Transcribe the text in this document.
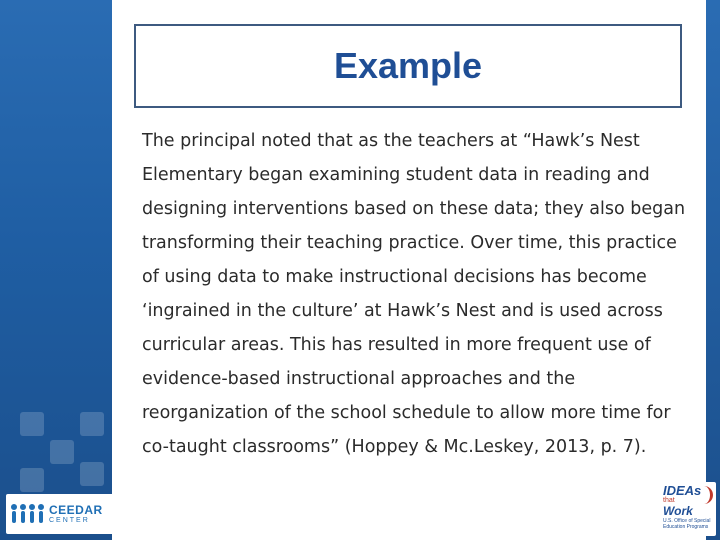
Example

The principal noted that as the teachers at “Hawk’s Nest Elementary began examining student data in reading and designing interventions based on these data; they also began transforming their teaching practice. Over time, this practice of using data to make instructional decisions has become ‘ingrained in the culture’ at Hawk’s Nest and is used across curricular areas. This has resulted in more frequent use of evidence-based instructional approaches and the reorganization of the school schedule to allow more time for co-taught classrooms” (Hoppey & Mc.Leskey, 2013, p. 7).

CEEDAR
CENTER
IDEAs
that
Work
U.S. Office of Special Education Programs
